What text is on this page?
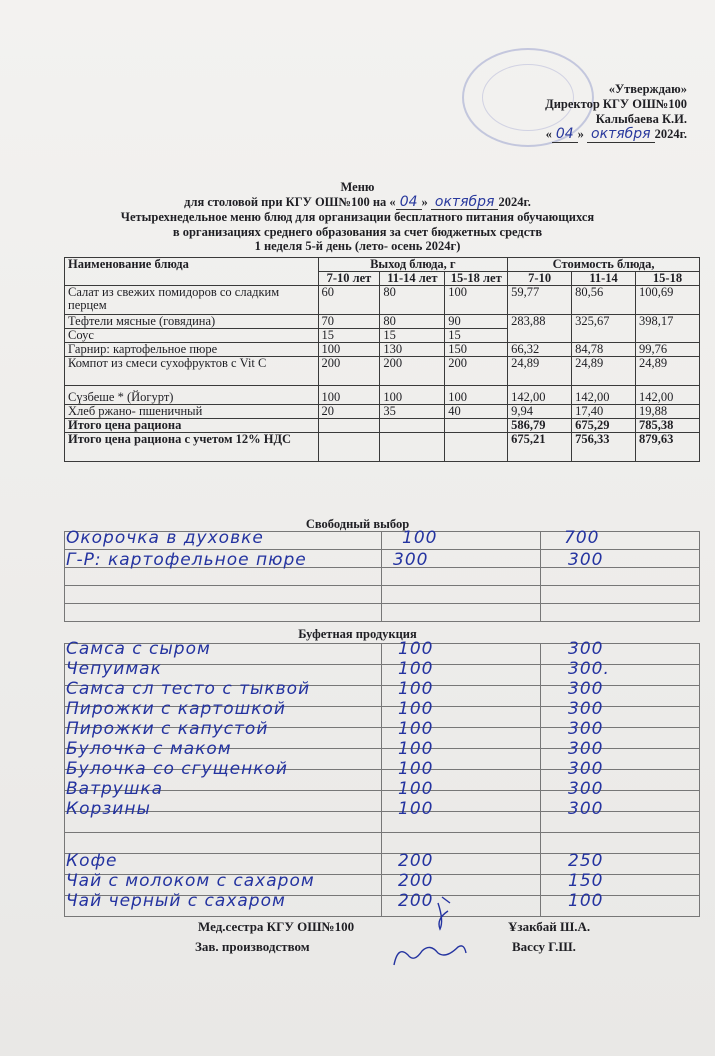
«Утверждаю»
Директор КГУ ОШ№100
Калыбаева К.И.
« 04 » октября 2024г.
Меню
для столовой при КГУ ОШ№100 на « 04 » октября 2024г.
Четырехнедельное меню блюд для организации бесплатного питания обучающихся
в организациях среднего образования за счет бюджетных средств
1 неделя 5-й день (лето- осень 2024г)
Наименование блюда	Выход блюда, г			Стоимость блюда,		
	7-10 лет	11-14 лет	15-18 лет	7-10	11-14	15-18
Салат из свежих помидоров со сладким перцем	60	80	100	59,77	80,56	100,69
Тефтели мясные (говядина)	70	80	90	283,88	325,67	398,17
Соус	15	15	15			
Гарнир: картофельное пюре	100	130	150	66,32	84,78	99,76
Компот из смеси сухофруктов с Vit C	200	200	200	24,89	24,89	24,89
Сүзбеше * (Йогурт)	100	100	100	142,00	142,00	142,00
Хлеб ржано- пшеничный	20	35	40	9,94	17,40	19,88
Итого цена рациона				586,79	675,29	785,38
Итого цена рациона с учетом 12% НДС				675,21	756,33	879,63
Свободный выбор

Окорочка в духовке	100	700
Г-Р: картофельное пюре	300	300
Буфетная продукция

Самса с сыром	100	300
Чепуимак	100	300.
Самса сл тесто с тыквой	100	300
Пирожки с картошкой	100	300
Пирожки с капустой	100	300
Булочка с маком	100	300
Булочка со сгущенкой	100	300
Ватрушка	100	300
Корзины	100	300
Кофе	200	250
Чай с молоком с сахаром	200	150
Чай черный с сахаром	200	100
Мед.сестра КГУ ОШ№100	Ұзакбай Ш.А.
Зав. производством	Вассу Г.Ш.
